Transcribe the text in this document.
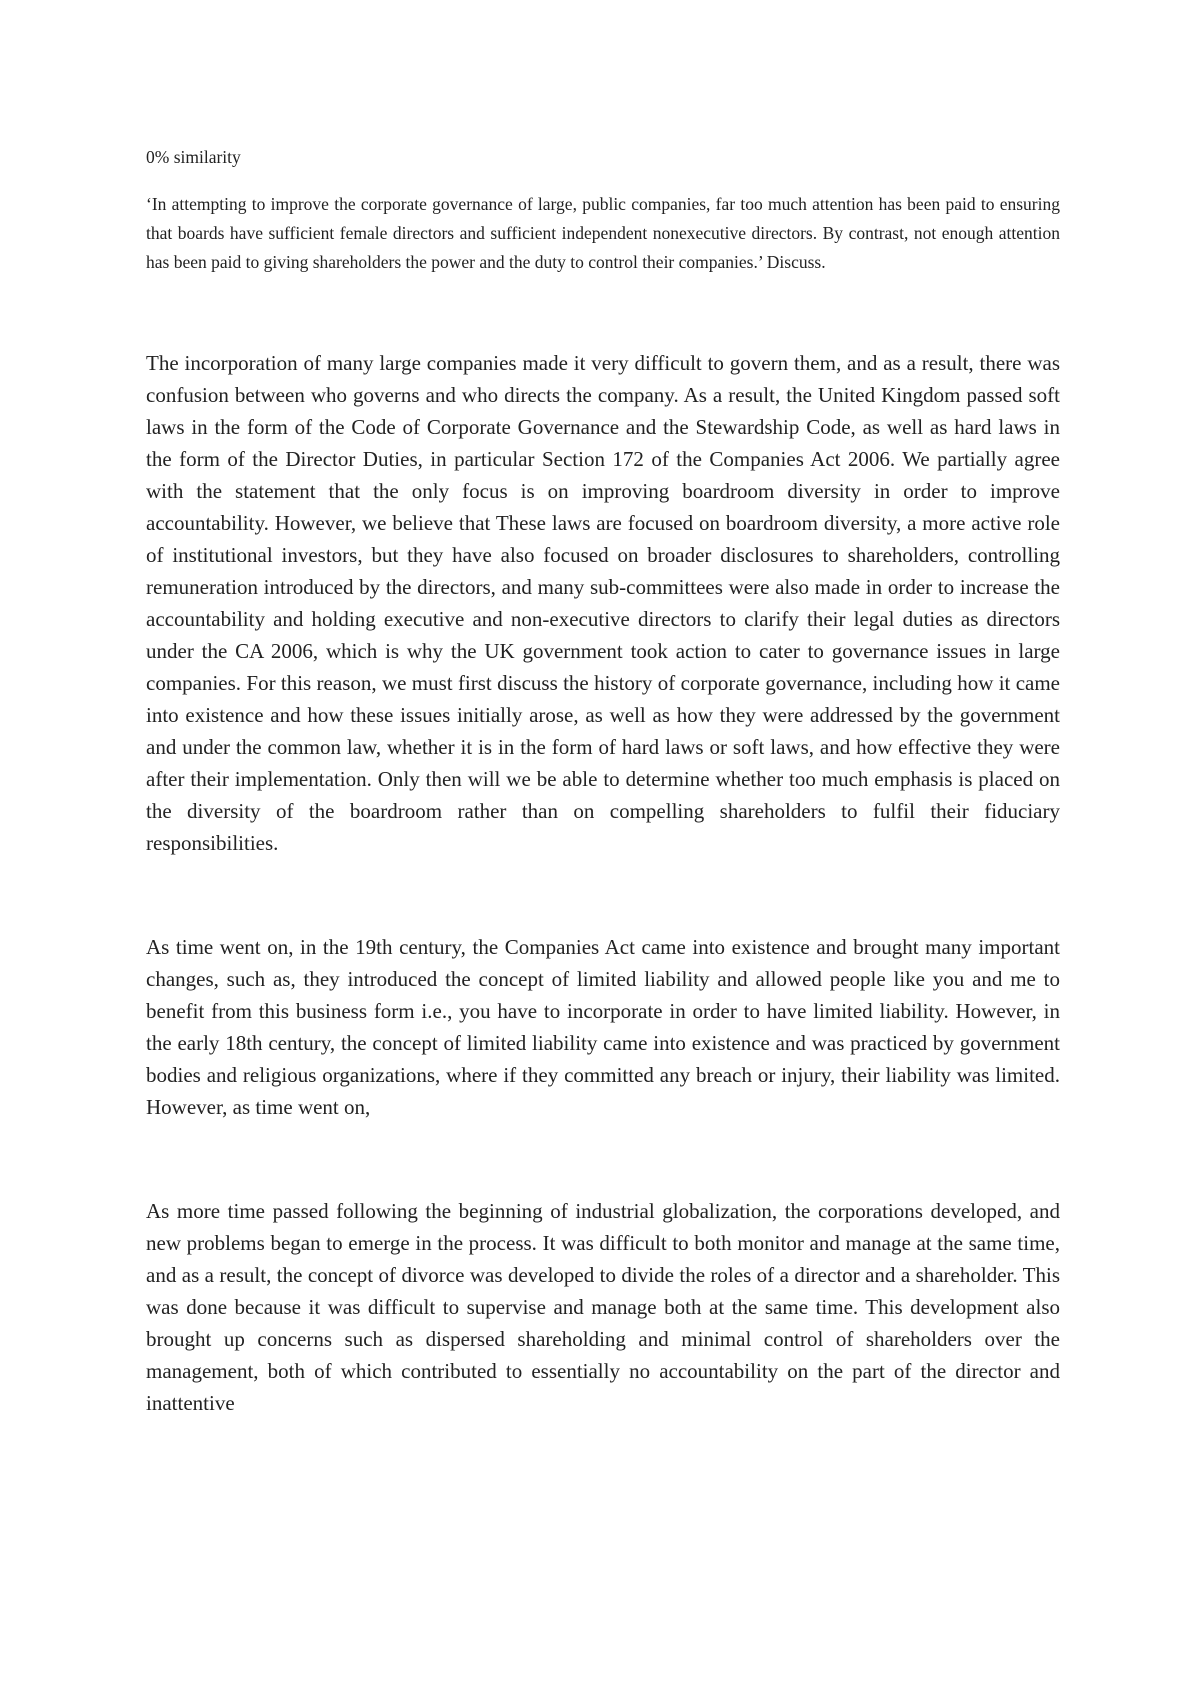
0% similarity

‘In attempting to improve the corporate governance of large, public companies, far too much attention has been paid to ensuring that boards have sufficient female directors and sufficient independent nonexecutive directors. By contrast, not enough attention has been paid to giving shareholders the power and the duty to control their companies.’ Discuss.

The incorporation of many large companies made it very difficult to govern them, and as a result, there was confusion between who governs and who directs the company. As a result, the United Kingdom passed soft laws in the form of the Code of Corporate Governance and the Stewardship Code, as well as hard laws in the form of the Director Duties, in particular Section 172 of the Companies Act 2006. We partially agree with the statement that the only focus is on improving boardroom diversity in order to improve accountability. However, we believe that These laws are focused on boardroom diversity, a more active role of institutional investors, but they have also focused on broader disclosures to shareholders, controlling remuneration introduced by the directors, and many sub-committees were also made in order to increase the accountability and holding executive and non-executive directors to clarify their legal duties as directors under the CA 2006, which is why the UK government took action to cater to governance issues in large companies. For this reason, we must first discuss the history of corporate governance, including how it came into existence and how these issues initially arose, as well as how they were addressed by the government and under the common law, whether it is in the form of hard laws or soft laws, and how effective they were after their implementation. Only then will we be able to determine whether too much emphasis is placed on the diversity of the boardroom rather than on compelling shareholders to fulfil their fiduciary responsibilities.

As time went on, in the 19th century, the Companies Act came into existence and brought many important changes, such as, they introduced the concept of limited liability and allowed people like you and me to benefit from this business form i.e., you have to incorporate in order to have limited liability. However, in the early 18th century, the concept of limited liability came into existence and was practiced by government bodies and religious organizations, where if they committed any breach or injury, their liability was limited. However, as time went on,

As more time passed following the beginning of industrial globalization, the corporations developed, and new problems began to emerge in the process. It was difficult to both monitor and manage at the same time, and as a result, the concept of divorce was developed to divide the roles of a director and a shareholder. This was done because it was difficult to supervise and manage both at the same time. This development also brought up concerns such as dispersed shareholding and minimal control of shareholders over the management, both of which contributed to essentially no accountability on the part of the director and inattentive
